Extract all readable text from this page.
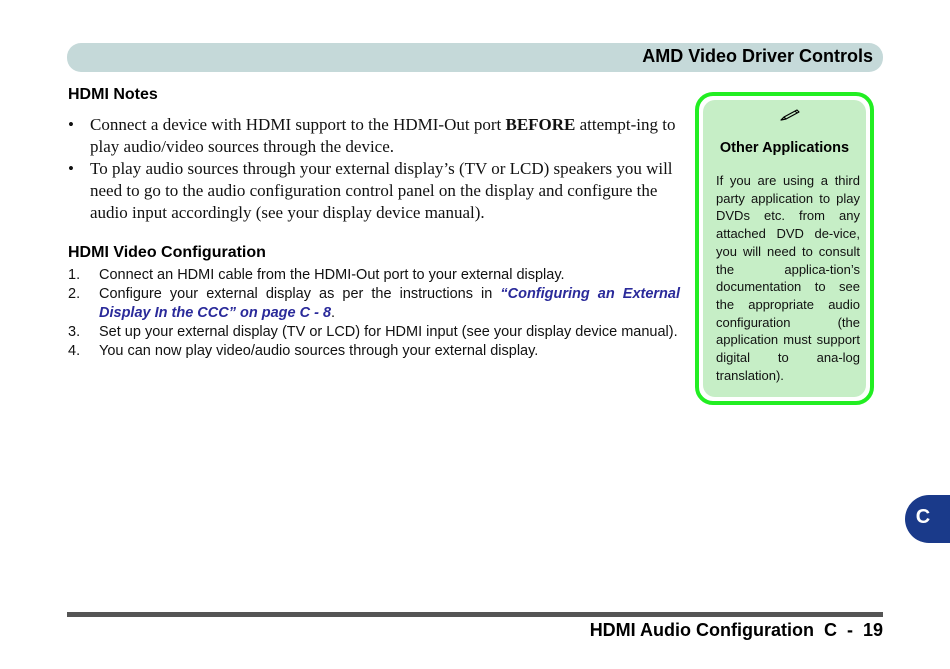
AMD Video Driver Controls
HDMI Notes
• Connect a device with HDMI support to the HDMI-Out port BEFORE attempt-ing to play audio/video sources through the device.
• To play audio sources through your external display’s (TV or LCD) speakers you will need to go to the audio configuration control panel on the display and configure the audio input accordingly (see your display device manual).
HDMI Video Configuration
1. Connect an HDMI cable from the HDMI-Out port to your external display.
2. Configure your external display as per the instructions in “Configuring an External Display In the CCC” on page C - 8.
3. Set up your external display (TV or LCD) for HDMI input (see your display device manual).
4. You can now play video/audio sources through your external display.
Other Applications

If you are using a third party application to play DVDs etc. from any attached DVD de-vice, you will need to consult the applica-tion’s documentation to see the appropriate audio configuration (the application must support digital to ana-log translation).

C
HDMI Audio Configuration  C  -  19
